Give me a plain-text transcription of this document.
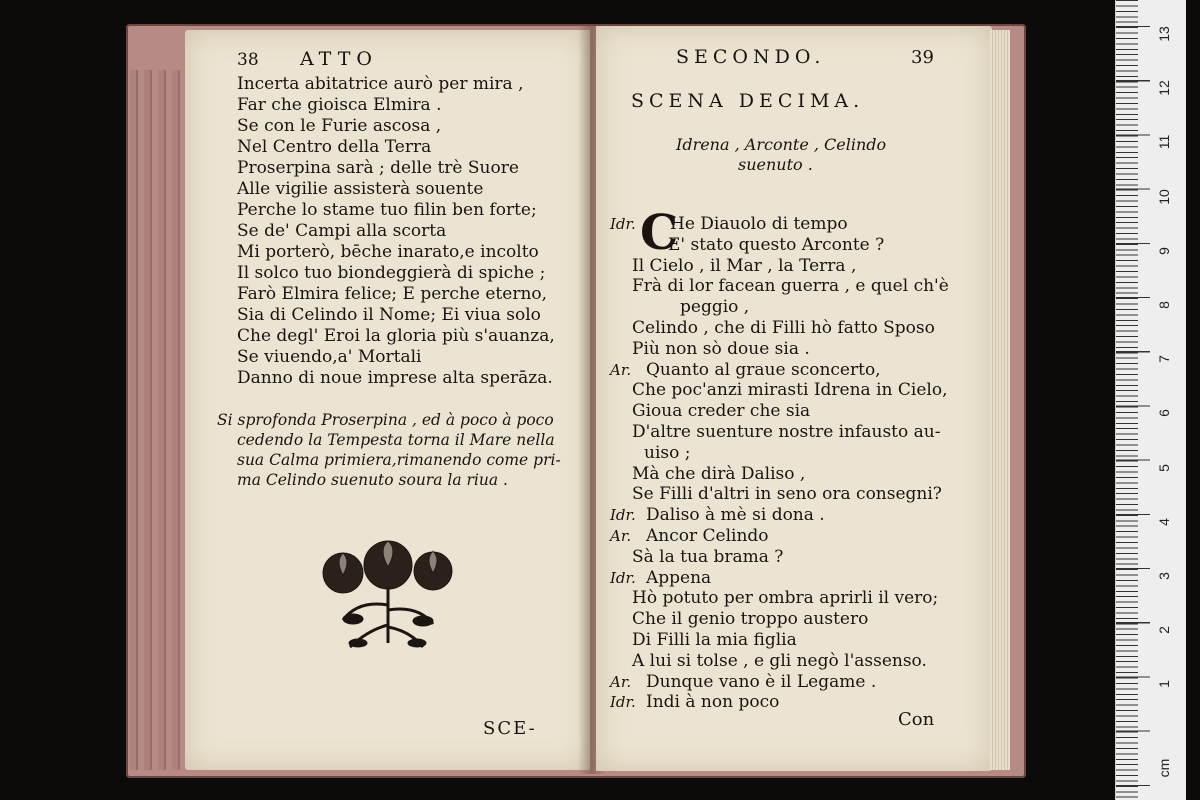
38 ATTO
Incerta abitatrice aurò per mira ,
Far che gioisca Elmira .
Se con le Furie ascosa ,
Nel Centro della Terra
Proserpina sarà ; delle trè Suore
Alle vigilie assisterà souente
Perche lo stame tuo filin ben forte;
Se de' Campi alla scorta
Mi porterò, bēche inarato,e incolto
Il solco tuo biondeggierà di spiche ;
Farò Elmira felice; E perche eterno,
Sia di Celindo il Nome; Ei viua solo
Che degl' Eroi la gloria più s'auanza,
Se viuendo,a' Mortali
Danno di noue imprese alta sperāza.
Si sprofonda Proserpina , ed à poco à poco
cedendo la Tempesta torna il Mare nella
sua Calma primiera,rimanendo come pri-
ma Celindo suenuto soura la riua .
SCE-
SECONDO.	39
SCENA DECIMA.
Idrena , Arconte , Celindo
suenuto .
C
Idr. He Diauolo di tempo
E' stato questo Arconte ?
Il Cielo , il Mar , la Terra ,
Frà di lor facean guerra , e quel ch'è
peggio ,
Celindo , che di Filli hò fatto Sposo
Più non sò doue sia .
Ar. Quanto al graue sconcerto,
Che poc'anzi mirasti Idrena in Cielo,
Gioua creder che sia
D'altre suenture nostre infausto au-
uiso ;
Mà che dirà Daliso ,
Se Filli d'altri in seno ora consegni?
Idr. Daliso à mè si dona .
Ar. Ancor Celindo
Sà la tua brama ?
Idr. Appena
Hò potuto per ombra aprirli il vero;
Che il genio troppo austero
Di Filli la mia figlia
A lui si tolse , e gli negò l'assenso.
Ar. Dunque vano è il Legame .
Idr. Indi à non poco
Con
13
12
11
10
9
8
7
6
5
4
3
2
1
cm
